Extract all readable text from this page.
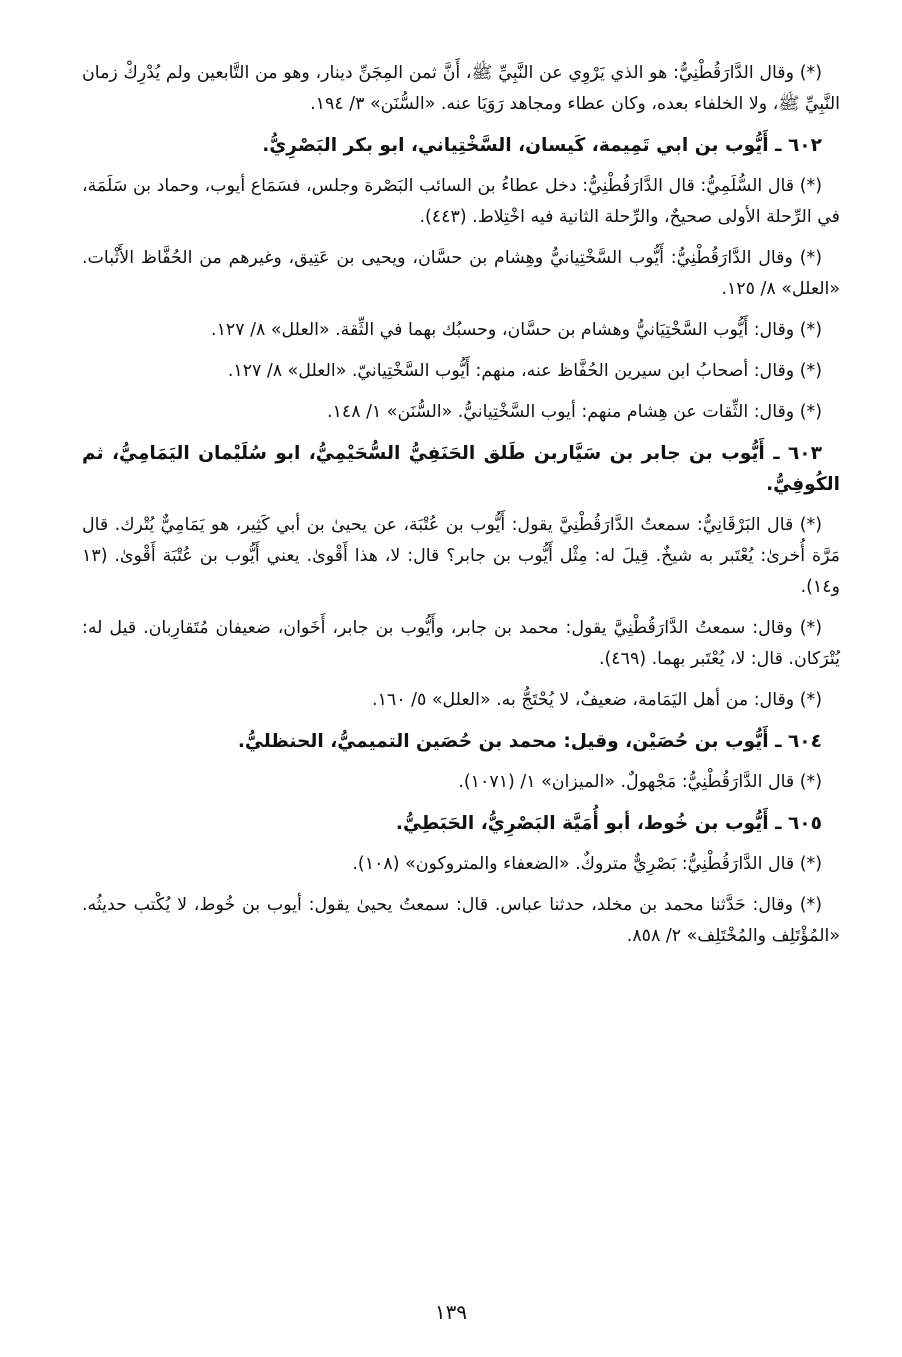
(*) وقال الدَّارَقُطْنِيُّ: هو الذي يَرْوِي عن النَّبِيِّ ﷺ، أَنَّ ثمن المِجَنِّ دينار، وهو من التَّابعين ولم يُدْرِكْ زمان النَّبِيِّ ﷺ، ولا الخلفاء بعده، وكان عطاء ومجاهد رَوَيَا عنه. «السُّنَن» ٣/ ١٩٤.

٦٠٢ ـ أَيُّوب بن ابي تَمِيمة، كَيسان، السَّخْتِياني، ابو بكر البَصْرِيُّ.

(*) قال السُّلَمِيُّ: قال الدَّارَقُطْنِيُّ: دخل عطاءُ بن السائب البَصْرة وجلس، فسَمَاع أيوب، وحماد بن سَلَمَة، في الرِّحلة الأولى صحيحٌ، والرِّحلة الثانية فيه اخْتِلاط. (٤٤٣).

(*) وقال الدَّارَقُطْنِيُّ: أَيُّوب السَّخْتِيانيُّ وهِشام بن حسَّان، ويحيى بن عَتِيق، وغيرهم من الحُفَّاظ الأَثْبات. «العلل» ٨/ ١٢٥.

(*) وقال: أَيُّوب السَّخْتِيَانيُّ وهشام بن حسَّان، وحسبُك بهما في الثِّقة. «العلل» ٨/ ١٢٧.

(*) وقال: أصحابُ ابن سيرين الحُفَّاظ عنه، منهم: أَيُّوب السَّخْتِيانيّ. «العلل» ٨/ ١٢٧.

(*) وقال: الثِّقات عن هِشام منهم: أيوب السَّخْتِيانيُّ. «السُّنَن» ١/ ١٤٨.

٦٠٣ ـ أَيُّوب بن جابر بن سَيَّاربن طَلق الحَنَفِيُّ السُّحَيْمِيُّ، ابو سُلَيْمان اليَمَامِيُّ، ثم الكُوفِيُّ.

(*) قال البَرْقَانِيُّ: سمعتُ الدَّارَقُطْنِيَّ يقول: أَيُّوب بن عُتْبَة، عن يحيىٰ بن أبي كَثِير، هو يَمَامِيٌّ يُتْرك. قال مَرَّة أُخرىٰ: يُعْتَبر به شيخٌ. قِيلَ له: مِثْل أَيُّوب بن جابر؟ قال: لا، هذا أَقْوىٰ. يعني أَيُّوب بن عُتْبَة أَقْوىٰ. (١٣ و١٤).

(*) وقال: سمعتُ الدَّارَقُطْنِيَّ يقول: محمد بن جابر، وأَيُّوب بن جابر، أَخَوان، ضعيفان مُتَقارِبان. قيل له: يُتْرَكان. قال: لا، يُعْتَبر بهما. (٤٦٩).

(*) وقال: من أهل اليَمَامة، ضعيفٌ، لا يُحْتَجُّ به. «العلل» ٥/ ١٦٠.

٦٠٤ ـ أَيُّوب بن حُصَيْن، وقيل: محمد بن حُصَين التميميُّ، الحنظليُّ.

(*) قال الدَّارَقُطْنِيُّ: مَجْهولٌ. «الميزان» ١/ (١٠٧١).

٦٠٥ ـ أَيُّوب بن خُوط، أبو أُمَيَّة البَصْرِيُّ، الحَبَطِيُّ.

(*) قال الدَّارَقُطْنِيُّ: بَصْرِيٌّ متروكٌ. «الضعفاء والمتروكون» (١٠٨).

(*) وقال: حَدَّثنا محمد بن مخلد، حدثنا عباس. قال: سمعتُ يحيىٰ يقول: أيوب بن خُوط، لا يُكْتب حديثُه. «المُؤْتَلِف والمُخْتَلِف» ٢/ ٨٥٨.

١٣٩
